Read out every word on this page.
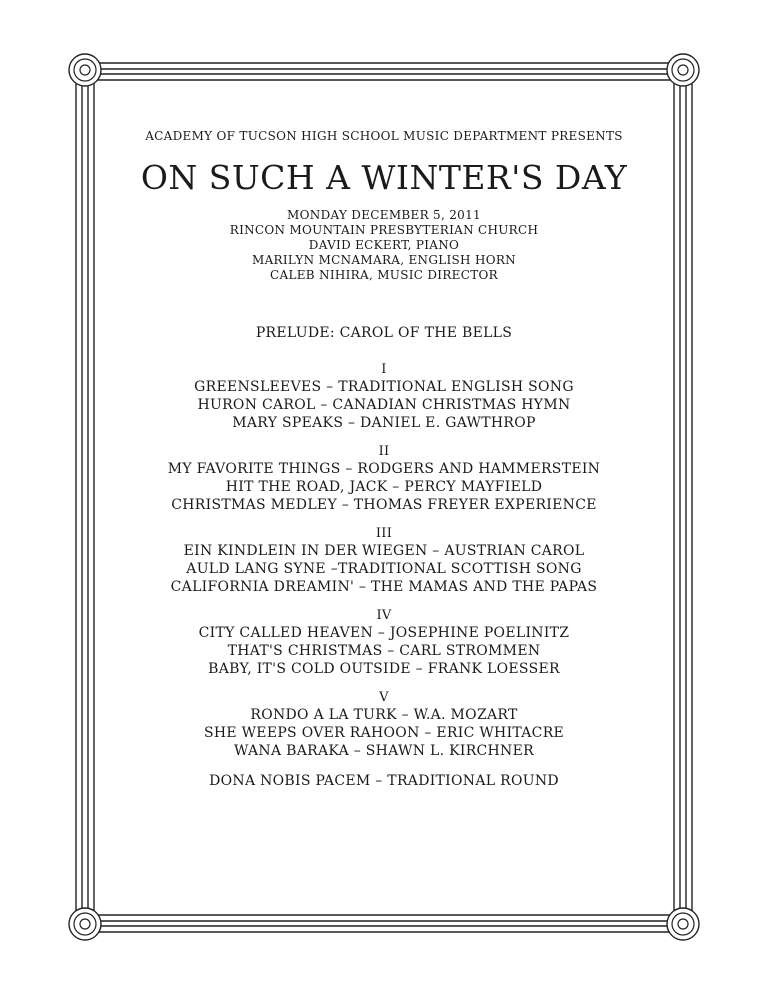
ACADEMY OF TUCSON HIGH SCHOOL MUSIC DEPARTMENT PRESENTS

ON SUCH A WINTER'S DAY

MONDAY DECEMBER 5, 2011

RINCON MOUNTAIN PRESBYTERIAN CHURCH

DAVID ECKERT, PIANO

MARILYN MCNAMARA, ENGLISH HORN

CALEB NIHIRA, MUSIC DIRECTOR

PRELUDE: CAROL OF THE BELLS

I

GREENSLEEVES – TRADITIONAL ENGLISH SONG

HURON CAROL – CANADIAN CHRISTMAS HYMN

MARY SPEAKS – DANIEL E. GAWTHROP

II

MY FAVORITE THINGS – RODGERS AND HAMMERSTEIN

HIT THE ROAD, JACK – PERCY MAYFIELD

CHRISTMAS MEDLEY – THOMAS FREYER EXPERIENCE

III

EIN KINDLEIN IN DER WIEGEN – AUSTRIAN CAROL

AULD LANG SYNE –TRADITIONAL SCOTTISH SONG

CALIFORNIA DREAMIN' – THE MAMAS AND THE PAPAS

IV

CITY CALLED HEAVEN – JOSEPHINE POELINITZ

THAT'S CHRISTMAS – CARL STROMMEN

BABY, IT'S COLD OUTSIDE – FRANK LOESSER

V

RONDO A LA TURK – W.A. MOZART

SHE WEEPS OVER RAHOON – ERIC WHITACRE

WANA BARAKA – SHAWN L. KIRCHNER

DONA NOBIS PACEM – TRADITIONAL ROUND
